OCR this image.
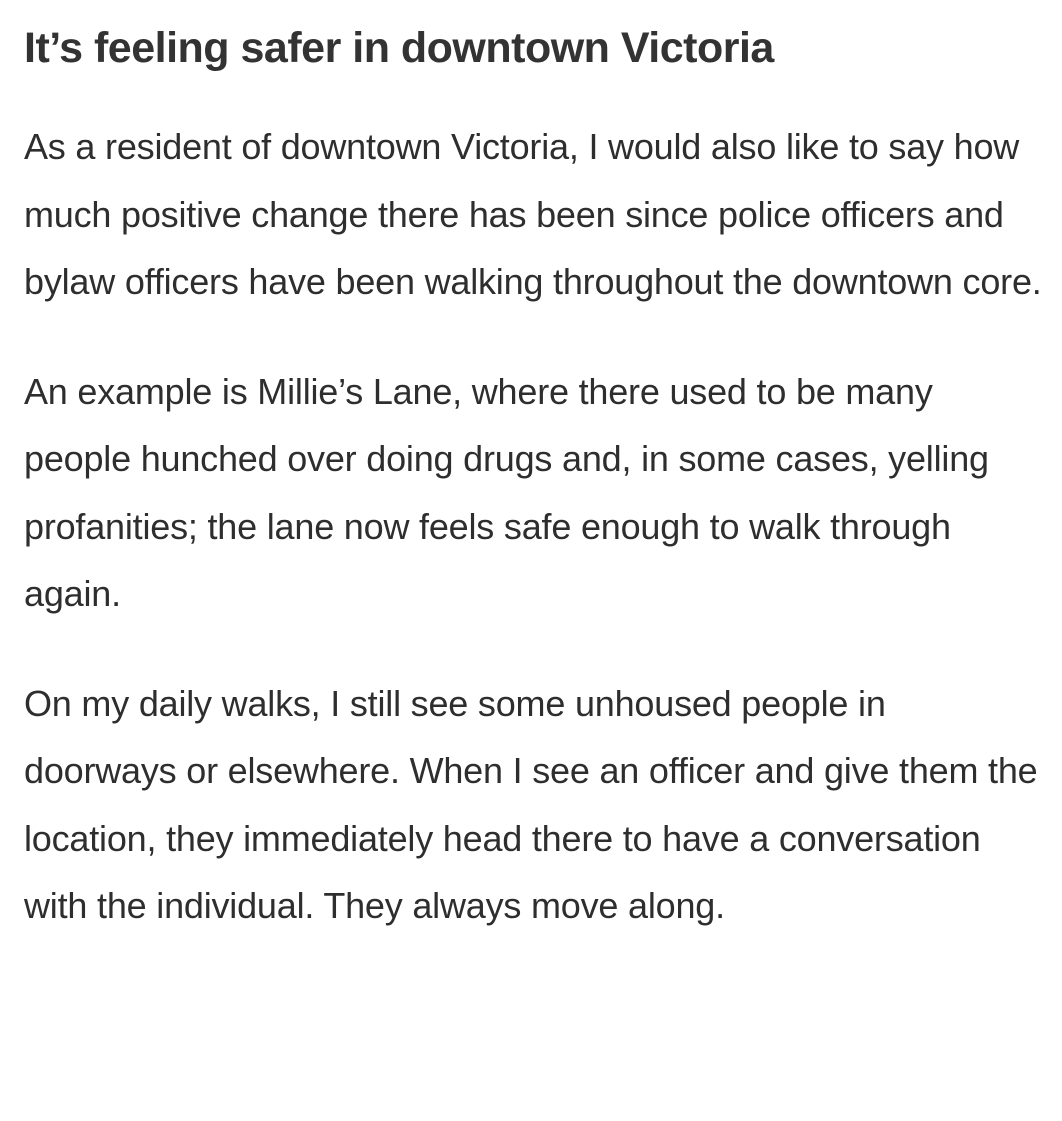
It’s feeling safer in downtown Victoria

As a resident of downtown Victoria, I would also like to say how much positive change there has been since police officers and bylaw officers have been walking throughout the downtown core.

An example is Millie’s Lane, where there used to be many people hunched over doing drugs and, in some cases, yelling profanities; the lane now feels safe enough to walk through again.

On my daily walks, I still see some unhoused people in doorways or elsewhere. When I see an officer and give them the location, they immediately head there to have a conversation with the individual. They always move along.
